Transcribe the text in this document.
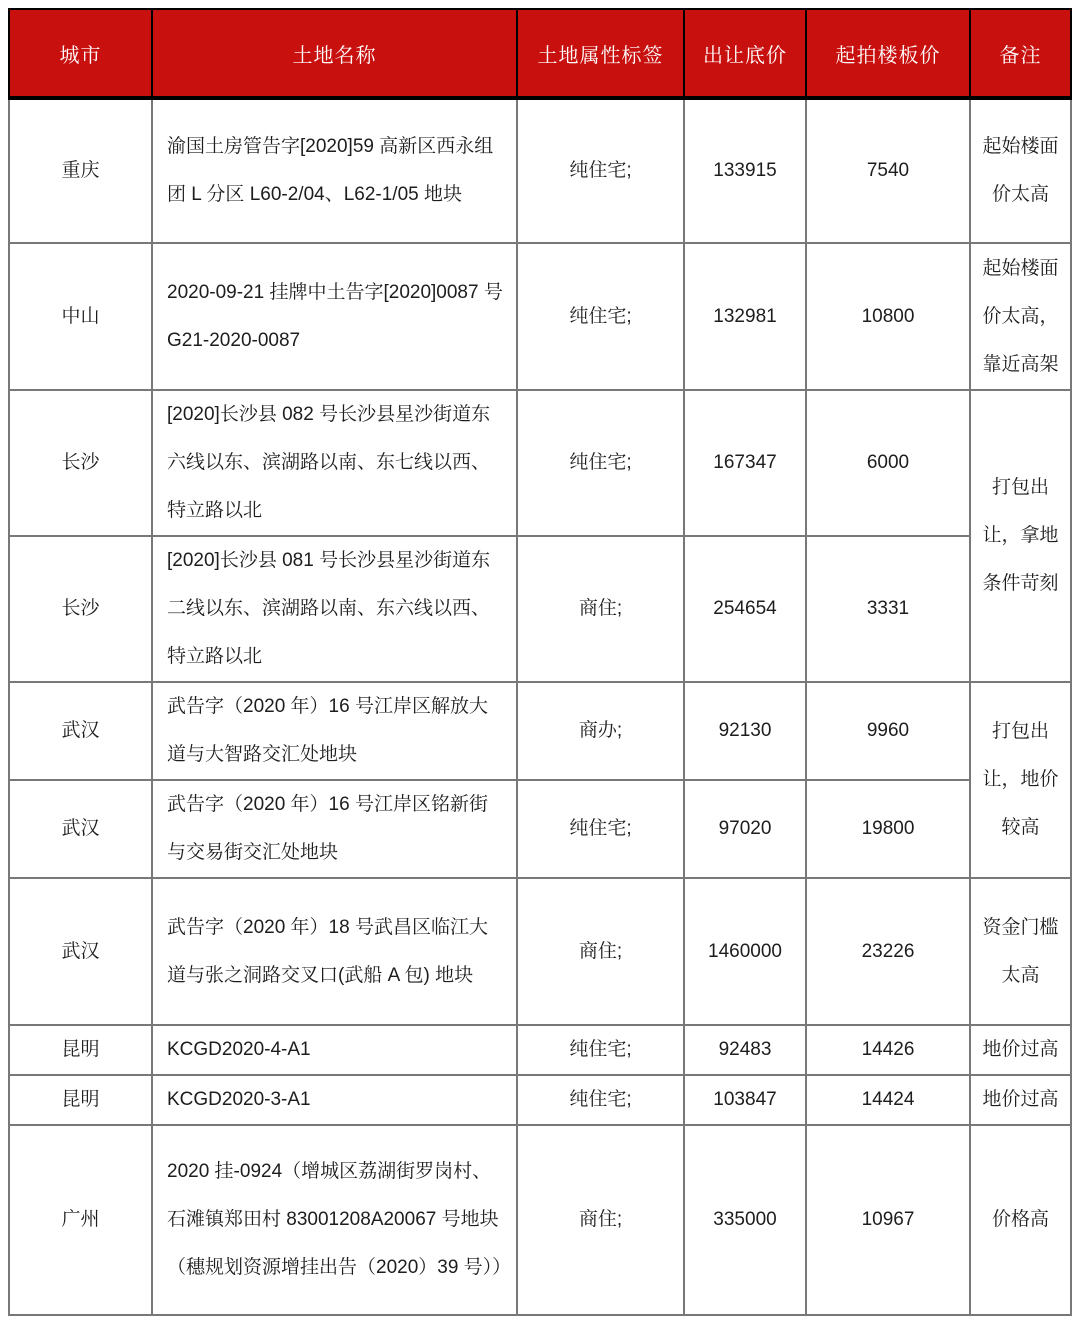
城市	土地名称	土地属性标签	出让底价	起拍楼板价	备注
重庆	渝国土房管告字[2020]59 高新区西永组团 L 分区 L60-2/04、L62-1/05 地块	纯住宅;	133915	7540	起始楼面价太高
中山	2020-09-21 挂牌中土告字[2020]0087 号 G21-2020-0087	纯住宅;	132981	10800	起始楼面价太高，靠近高架
长沙	[2020]长沙县 082 号长沙县星沙街道东六线以东、滨湖路以南、东七线以西、特立路以北	纯住宅;	167347	6000	打包出让，拿地条件苛刻
长沙	[2020]长沙县 081 号长沙县星沙街道东二线以东、滨湖路以南、东六线以西、特立路以北	商住;	254654	3331	
武汉	武告字（2020 年）16 号江岸区解放大道与大智路交汇处地块	商办;	92130	9960	打包出让，地价较高
武汉	武告字（2020 年）16 号江岸区铭新街与交易街交汇处地块	纯住宅;	97020	19800	
武汉	武告字（2020 年）18 号武昌区临江大道与张之洞路交叉口(武船 A 包) 地块	商住;	1460000	23226	资金门槛太高
昆明	KCGD2020-4-A1	纯住宅;	92483	14426	地价过高
昆明	KCGD2020-3-A1	纯住宅;	103847	14424	地价过高
广州	2020 挂-0924（增城区荔湖街罗岗村、石滩镇郑田村 83001208A20067 号地块（穗规划资源增挂出告（2020）39 号））	商住;	335000	10967	价格高
